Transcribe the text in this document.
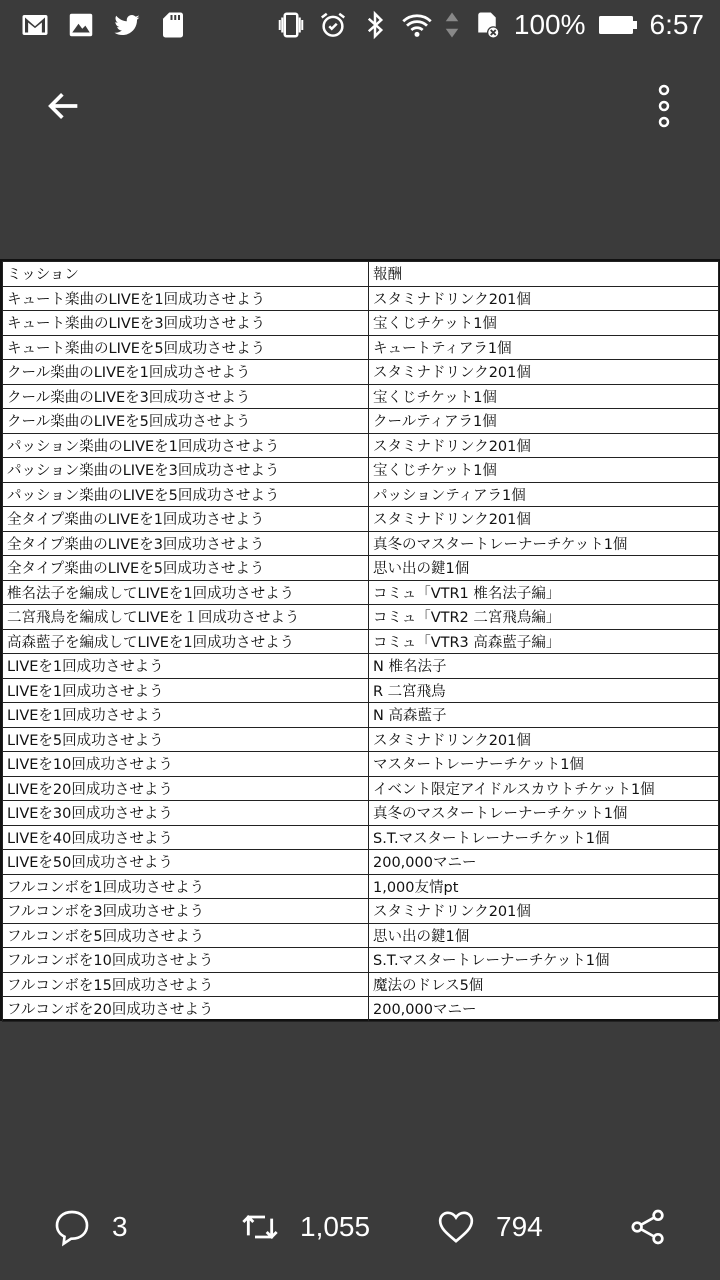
100% 6:57
ミッション	報酬
キュート楽曲のLIVEを1回成功させよう	スタミナドリンク201個
キュート楽曲のLIVEを3回成功させよう	宝くじチケット1個
キュート楽曲のLIVEを5回成功させよう	キュートティアラ1個
クール楽曲のLIVEを1回成功させよう	スタミナドリンク201個
クール楽曲のLIVEを3回成功させよう	宝くじチケット1個
クール楽曲のLIVEを5回成功させよう	クールティアラ1個
パッション楽曲のLIVEを1回成功させよう	スタミナドリンク201個
パッション楽曲のLIVEを3回成功させよう	宝くじチケット1個
パッション楽曲のLIVEを5回成功させよう	パッションティアラ1個
全タイプ楽曲のLIVEを1回成功させよう	スタミナドリンク201個
全タイプ楽曲のLIVEを3回成功させよう	真冬のマスタートレーナーチケット1個
全タイプ楽曲のLIVEを5回成功させよう	思い出の鍵1個
椎名法子を編成してLIVEを1回成功させよう	コミュ「VTR1 椎名法子編」
二宮飛鳥を編成してLIVEを１回成功させよう	コミュ「VTR2 二宮飛鳥編」
高森藍子を編成してLIVEを1回成功させよう	コミュ「VTR3 高森藍子編」
LIVEを1回成功させよう	N 椎名法子
LIVEを1回成功させよう	R 二宮飛鳥
LIVEを1回成功させよう	N 高森藍子
LIVEを5回成功させよう	スタミナドリンク201個
LIVEを10回成功させよう	マスタートレーナーチケット1個
LIVEを20回成功させよう	イベント限定アイドルスカウトチケット1個
LIVEを30回成功させよう	真冬のマスタートレーナーチケット1個
LIVEを40回成功させよう	S.T.マスタートレーナーチケット1個
LIVEを50回成功させよう	200,000マニー
フルコンボを1回成功させよう	1,000友情pt
フルコンボを3回成功させよう	スタミナドリンク201個
フルコンボを5回成功させよう	思い出の鍵1個
フルコンボを10回成功させよう	S.T.マスタートレーナーチケット1個
フルコンボを15回成功させよう	魔法のドレス5個
フルコンボを20回成功させよう	200,000マニー
3	1,055	794
